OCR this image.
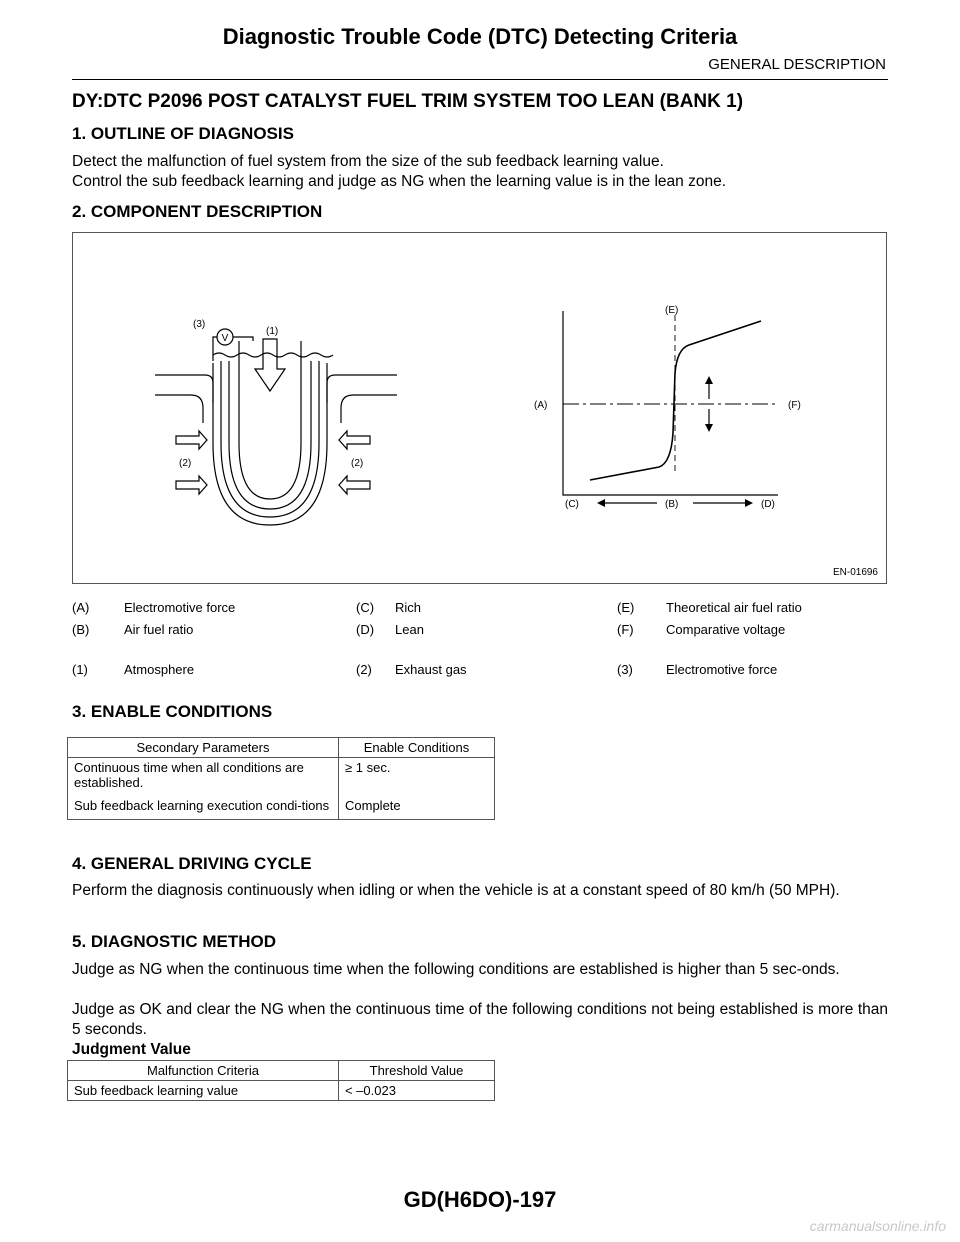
Diagnostic Trouble Code (DTC) Detecting Criteria
GENERAL DESCRIPTION
DY:DTC P2096 POST CATALYST FUEL TRIM SYSTEM TOO LEAN (BANK 1)
1. OUTLINE OF DIAGNOSIS
Detect the malfunction of fuel system from the size of the sub feedback learning value.
Control the sub feedback learning and judge as NG when the learning value is in the lean zone.
2. COMPONENT DESCRIPTION
V
(3)
(1)
(2)	(2)
(A)	(F)
(E)
(C)	(B)	(D)
EN-01696
(A)	Electromotive force	(C) Rich	(E) Theoretical air fuel ratio
(B)	Air fuel ratio	(D) Lean	(F) Comparative voltage
(1)	Atmosphere	(2) Exhaust gas	(3)	Electromotive force
3. ENABLE CONDITIONS
Secondary Parameters	Enable Conditions
Continuous time when all conditions are established.	≥ 1 sec.
Sub feedback learning execution condi-tions	Complete
4. GENERAL DRIVING CYCLE
Perform the diagnosis continuously when idling or when the vehicle is at a constant speed of 80 km/h (50 MPH).
5. DIAGNOSTIC METHOD
Judge as NG when the continuous time when the following conditions are established is higher than 5 sec-onds.
Judge as OK and clear the NG when the continuous time of the following conditions not being established is more than 5 seconds.
Judgment Value
Malfunction Criteria	Threshold Value
Sub feedback learning value	< –0.023
GD(H6DO)-197
carmanualsonline.info
